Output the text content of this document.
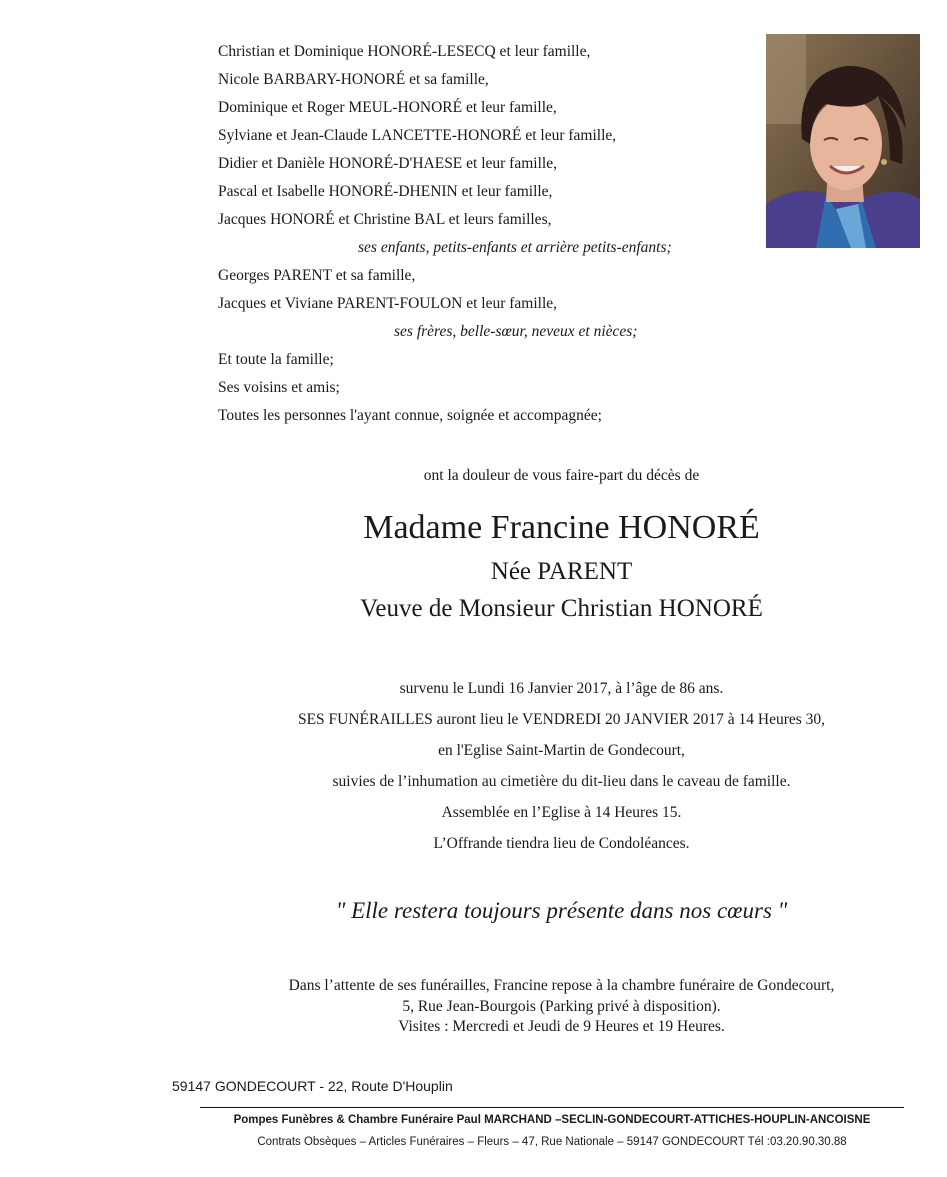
Christian et Dominique HONORÉ-LESECQ et leur famille,
Nicole BARBARY-HONORÉ et sa famille,
Dominique et Roger MEUL-HONORÉ et leur famille,
Sylviane et Jean-Claude LANCETTE-HONORÉ et leur famille,
Didier et Danièle HONORÉ-D'HAESE et leur famille,
Pascal et Isabelle HONORÉ-DHENIN et leur famille,
Jacques HONORÉ et Christine BAL et leurs familles,
ses enfants, petits-enfants et arrière petits-enfants;
Georges PARENT et sa famille,
Jacques et Viviane PARENT-FOULON et leur famille,
ses frères, belle-sœur, neveux et nièces;
Et toute la famille;
Ses voisins et amis;
Toutes les personnes l'ayant connue, soignée et accompagnée;
ont la douleur de vous faire-part du décès de
Madame Francine HONORÉ
Née PARENT
Veuve de Monsieur Christian HONORÉ
survenu le Lundi 16 Janvier 2017, à l’âge de 86 ans.
SES FUNÉRAILLES auront lieu le VENDREDI 20 JANVIER 2017 à 14 Heures 30,
en l'Eglise Saint-Martin de Gondecourt,
suivies de l’inhumation au cimetière du dit-lieu dans le caveau de famille.
Assemblée en l’Eglise à 14 Heures 15.
L’Offrande tiendra lieu de Condoléances.
" Elle restera toujours présente dans nos cœurs "
Dans l’attente de ses funérailles, Francine repose à la chambre funéraire de Gondecourt,
5, Rue Jean-Bourgois (Parking privé à disposition).
Visites : Mercredi et Jeudi de 9 Heures et 19 Heures.
59147 GONDECOURT - 22, Route D'Houplin
Pompes Funèbres & Chambre Funéraire Paul MARCHAND –SECLIN-GONDECOURT-ATTICHES-HOUPLIN-ANCOISNE
Contrats Obsèques – Articles Funéraires – Fleurs – 47, Rue Nationale – 59147 GONDECOURT Tél :03.20.90.30.88
